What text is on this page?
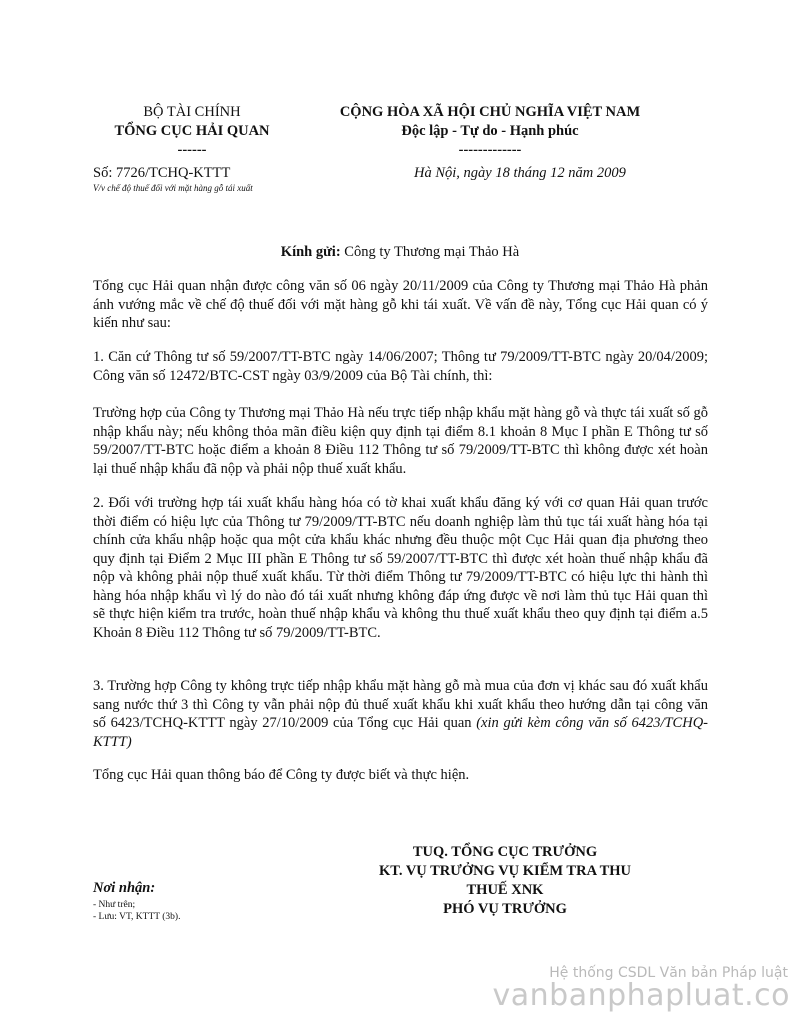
BỘ TÀI CHÍNH
TỔNG CỤC HẢI QUAN
------
CỘNG HÒA XÃ HỘI CHỦ NGHĨA VIỆT NAM
Độc lập - Tự do - Hạnh phúc
-------------
Số: 7726/TCHQ-KTTT
V/v chế độ thuế đối với mặt hàng gỗ tái xuất
Hà Nội, ngày 18 tháng 12 năm 2009
Kính gửi: Công ty Thương mại Thảo Hà
Tổng cục Hải quan nhận được công văn số 06 ngày 20/11/2009 của Công ty Thương mại Thảo Hà phản ánh vướng mắc về chế độ thuế đối với mặt hàng gỗ khi tái xuất. Về vấn đề này, Tổng cục Hải quan có ý kiến như sau:
1. Căn cứ Thông tư số 59/2007/TT-BTC ngày 14/06/2007; Thông tư 79/2009/TT-BTC ngày 20/04/2009; Công văn số 12472/BTC-CST ngày 03/9/2009 của Bộ Tài chính, thì:
Trường hợp của Công ty Thương mại Thảo Hà nếu trực tiếp nhập khẩu mặt hàng gỗ và thực tái xuất số gỗ nhập khẩu này; nếu không thỏa mãn điều kiện quy định tại điểm 8.1 khoản 8 Mục I phần E Thông tư số 59/2007/TT-BTC hoặc điểm a khoản 8 Điều 112 Thông tư số 79/2009/TT-BTC thì không được xét hoàn lại thuế nhập khẩu đã nộp và phải nộp thuế xuất khẩu.
2. Đối với trường hợp tái xuất khẩu hàng hóa có tờ khai xuất khẩu đăng ký với cơ quan Hải quan trước thời điểm có hiệu lực của Thông tư 79/2009/TT-BTC nếu doanh nghiệp làm thủ tục tái xuất hàng hóa tại chính cửa khẩu nhập hoặc qua một cửa khẩu khác nhưng đều thuộc một Cục Hải quan địa phương theo quy định tại Điểm 2 Mục III phần E Thông tư số 59/2007/TT-BTC thì được xét hoàn thuế nhập khẩu đã nộp và không phải nộp thuế xuất khẩu. Từ thời điểm Thông tư 79/2009/TT-BTC có hiệu lực thi hành thì hàng hóa nhập khẩu vì lý do nào đó tái xuất nhưng không đáp ứng được về nơi làm thủ tục Hải quan thì sẽ thực hiện kiểm tra trước, hoàn thuế nhập khẩu và không thu thuế xuất khẩu theo quy định tại điểm a.5 Khoản 8 Điều 112 Thông tư số 79/2009/TT-BTC.
3. Trường hợp Công ty không trực tiếp nhập khẩu mặt hàng gỗ mà mua của đơn vị khác sau đó xuất khẩu sang nước thứ 3 thì Công ty vẫn phải nộp đủ thuế xuất khẩu khi xuất khẩu theo hướng dẫn tại công văn số 6423/TCHQ-KTTT ngày 27/10/2009 của Tổng cục Hải quan (xin gửi kèm công văn số 6423/TCHQ-KTTT)
Tổng cục Hải quan thông báo để Công ty được biết và thực hiện.
TUQ. TỔNG CỤC TRƯỞNG
KT. VỤ TRƯỞNG VỤ KIỂM TRA THU
THUẾ XNK
PHÓ VỤ TRƯỞNG
Nơi nhận:
- Như trên;
- Lưu: VT, KTTT (3b).
Hệ thống CSDL Văn bản Pháp luật
vanbanphapluat.co
